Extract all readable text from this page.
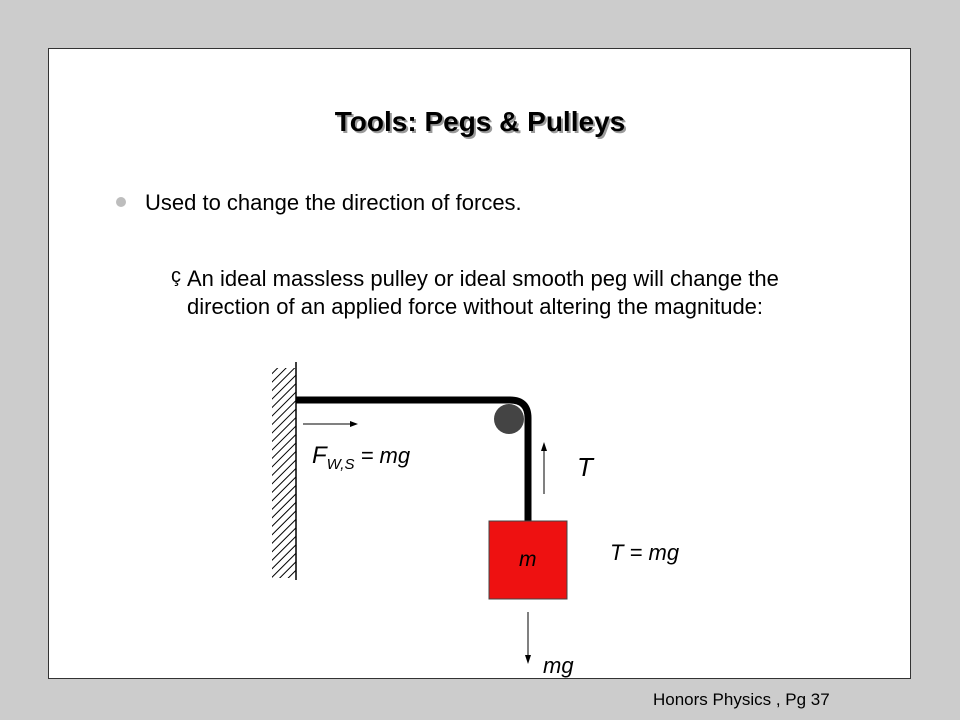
Tools: Pegs & Pulleys
Used to change the direction of forces.
ç An ideal massless pulley or ideal smooth peg will change the direction of an applied force without altering the magnitude:
$F_{W,S}$ = mg	T
T = mg
m
mg
Honors Physics , Pg 37
